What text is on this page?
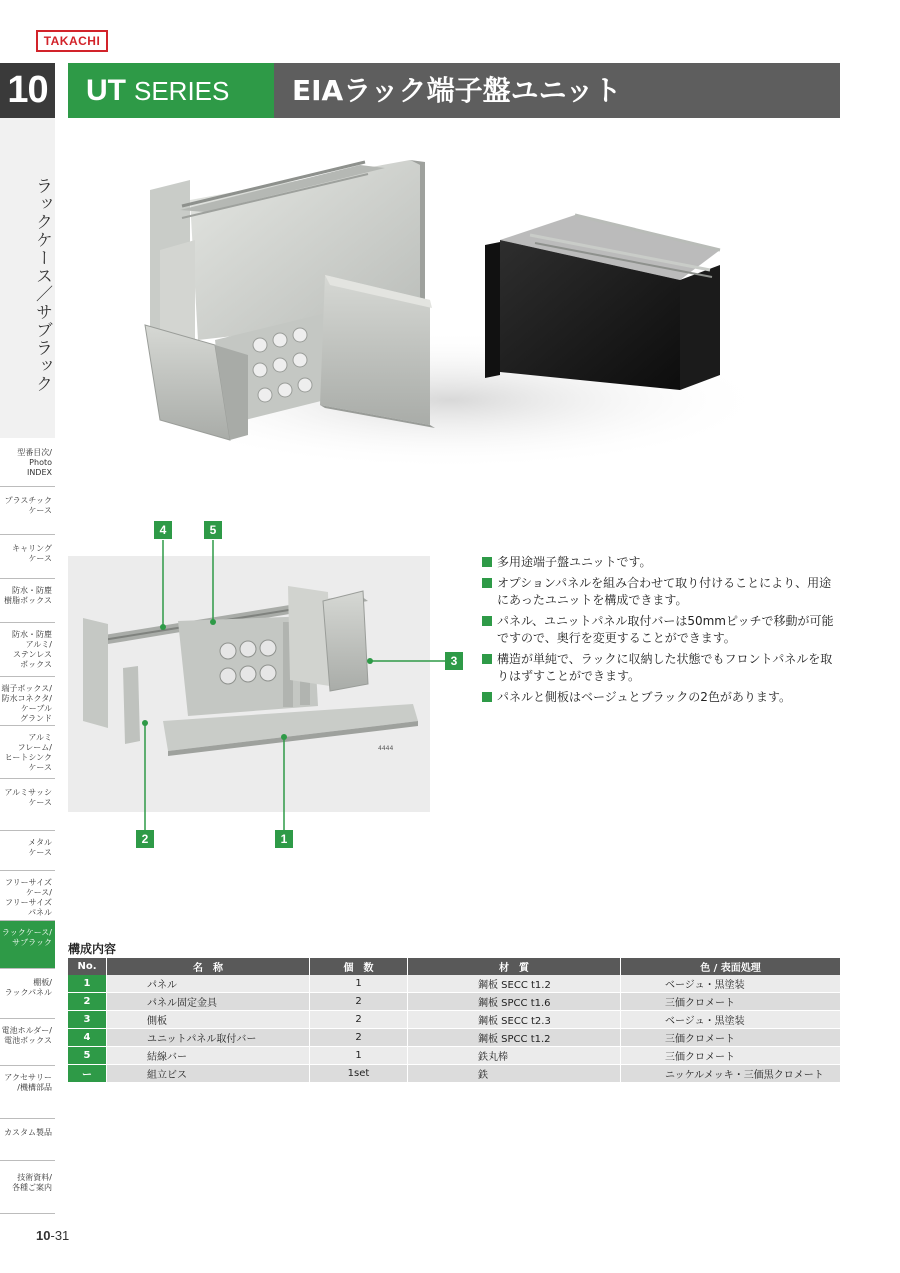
TAKACHI
10	UT SERIES	EIAラック端子盤ユニット
ラックケース／サブラック
型番目次/
Photo
INDEX
プラスチック
ケース
キャリング
ケース
防水・防塵
樹脂ボックス
防水・防塵
アルミ/
ステンレス
ボックス
端子ボックス/
防水コネクタ/
ケーブル
グランド
アルミ
フレーム/
ヒートシンク
ケース
アルミサッシ
ケース
メタル
ケース
フリーサイズ
ケース/
フリーサイズ
パネル
ラックケース/
サブラック
棚板/
ラックパネル
電池ホルダー/
電池ボックス
アクセサリー
/機構部品
カスタム製品
技術資料/
各種ご案内
4444
4	5
3
2	1
多用途端子盤ユニットです。
オプションパネルを組み合わせて取り付けることにより、用途にあったユニットを構成できます。
パネル、ユニットパネル取付バーは50mmピッチで移動が可能ですので、奥行を変更することができます。
構造が単純で、ラックに収納した状態でもフロントパネルを取りはずすことができます。
パネルと側板はベージュとブラックの2色があります。
構成内容
No.	名　称	個　数	材　質	色 / 表面処理
1	パネル	1	鋼板 SECC t1.2	ベージュ・黒塗装
2	パネル固定金具	2	鋼板 SPCC t1.6	三価クロメート
3	側板	2	鋼板 SECC t2.3	ベージュ・黒塗装
4	ユニットパネル取付バー	2	鋼板 SPCC t1.2	三価クロメート
5	結線バー	1	鉄丸棒	三価クロメート
ー	組立ビス	1set	鉄	ニッケルメッキ・三価黒クロメート
10-31
